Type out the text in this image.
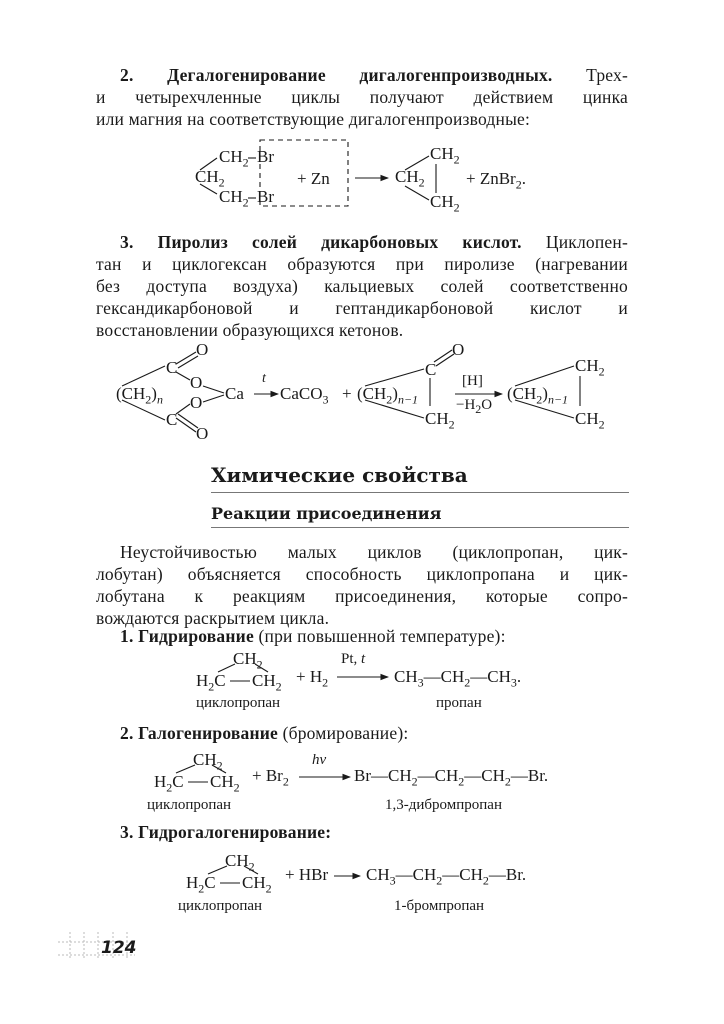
2. Дегалогенирование дигалогенпроизводных. Трех-
и четырехчленные циклы получают действием цинка
или магния на соответствующие дигалогенпроизводные:
$CH_2$ Br
$CH_2$	+ Zn
$CH_2$ Br
$CH_2$
$CH_2$
$CH_2$
+ ZnBr$_2$.
3. Пиролиз солей дикарбоновых кислот. Циклопен-
тан и циклогексан образуются при пиролизе (нагревании
без доступа воздуха) кальциевых солей соответственно
гександикарбоновой и гептандикарбоновой кислот и
восстановлении образующихся кетонов.
$(CH_2)_n$
C
O
O
O
C
O
Ca
t
CaCO$_3$ + $(CH_2)_{n-1}$
C
O
$CH_2$
[H]
$-H_2O$
$(CH_2)_{n-1}$
$CH_2$
$CH_2$
Химические свойства
Реакции присоединения
Неустойчивостью малых циклов (циклопропан, цик-
лобутан) объясняется способность циклопропана и цик-
лобутана к реакциям присоединения, которые сопро-
вождаются раскрытием цикла.
1. Гидрирование (при повышенной температуре):
$CH_2$
$H_2C$ $CH_2$
+ $H_2$
Pt, t
$CH_3—CH_2—CH_3$.
циклопропан	пропан
2. Галогенирование (бромирование):
$CH_2$
$H_2C$ $CH_2$
+ $Br_2$
hν
$Br—CH_2—CH_2—CH_2—Br$.
циклопропан	1,3-дибромпропан
3. Гидрогалогенирование:
$CH_2$
$H_2C$ $CH_2$
+ HBr $CH_3—CH_2—CH_2—Br$.
циклопропан	1-бромпропан
124
